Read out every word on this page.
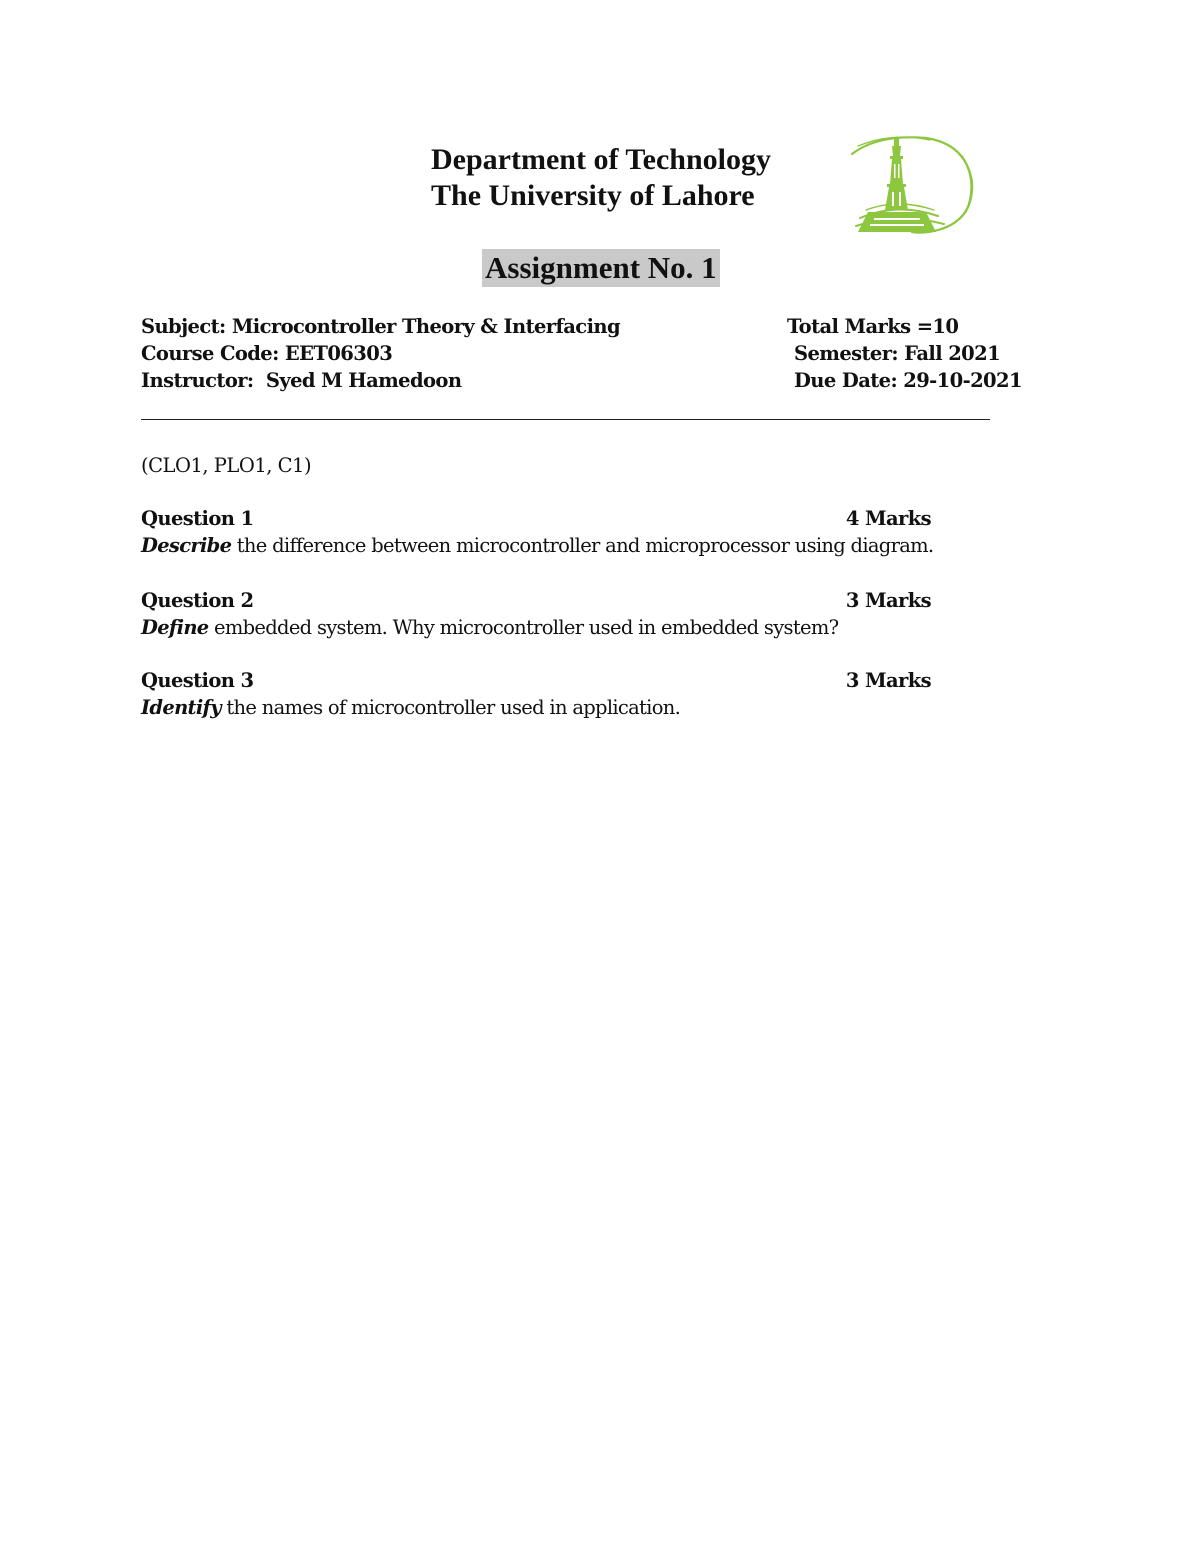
Department of Technology
The University of Lahore
Assignment No. 1
Subject: Microcontroller Theory & Interfacing	Total Marks =10
Course Code: EET06303	Semester: Fall 2021
Instructor:  Syed M Hamedoon	Due Date: 29-10-2021
(CLO1, PLO1, C1)
Question 1	4 Marks
Describe the difference between microcontroller and microprocessor using diagram.
Question 2	3 Marks
Define embedded system. Why microcontroller used in embedded system?
Question 3	3 Marks
Identify the names of microcontroller used in application.
